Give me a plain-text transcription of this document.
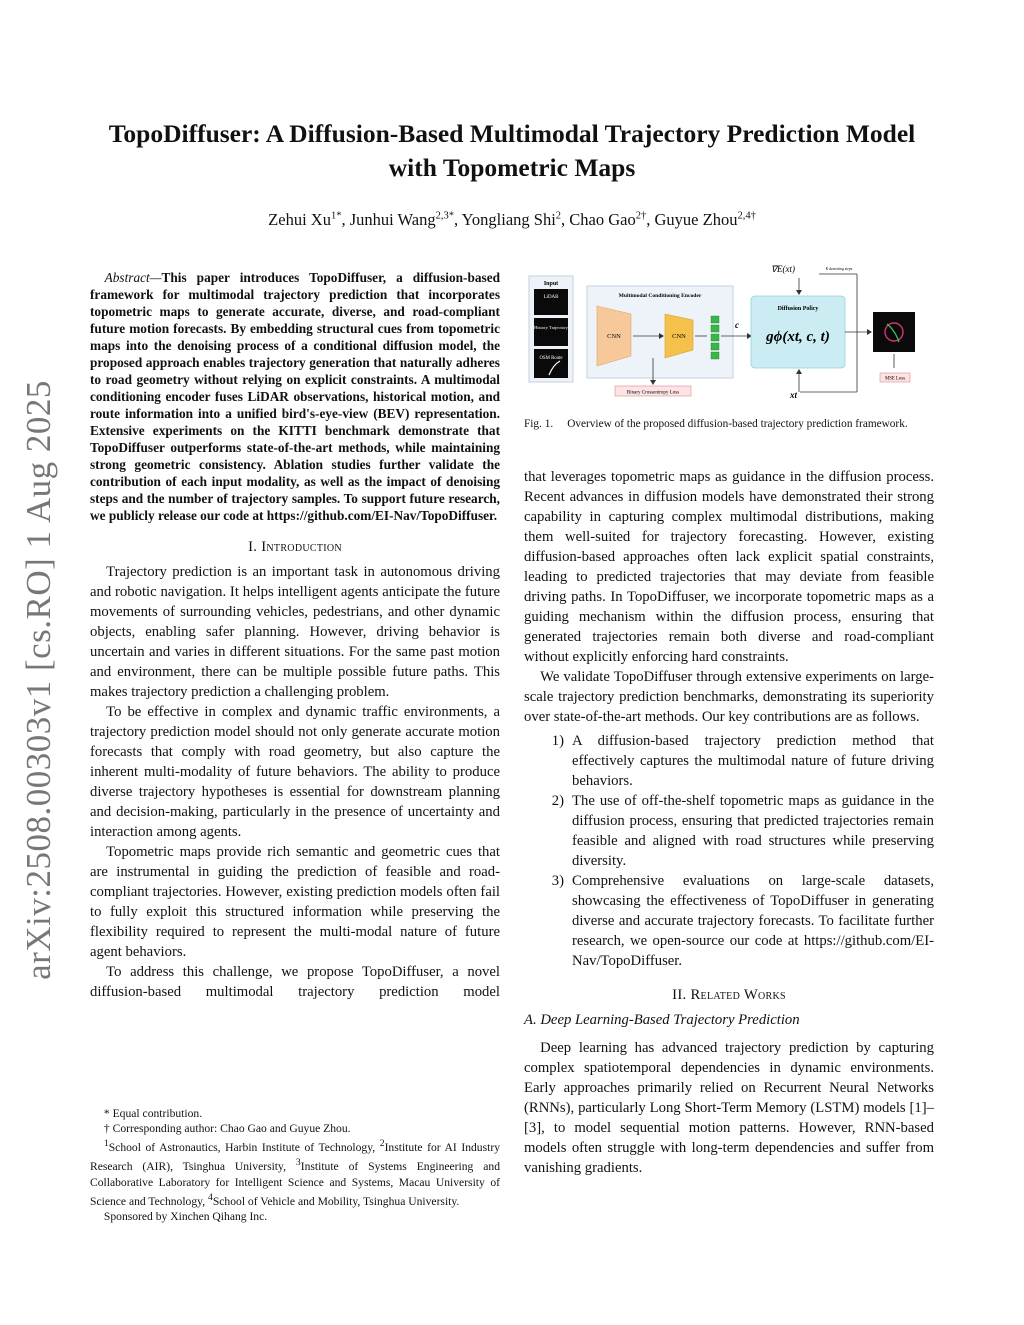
arXiv:2508.00303v1 [cs.RO] 1 Aug 2025
TopoDiffuser: A Diffusion-Based Multimodal Trajectory Prediction Model with Topometric Maps
Zehui $Xu^{1*}$, Junhui Wang$^{2,3*}$, Yongliang Shi$^2$, Chao Gao$^{2\dagger}$, Guyue Zhou$^{2,4\dagger}$

Abstract—This paper introduces TopoDiffuser, a diffusion-based framework for multimodal trajectory prediction that incorporates topometric maps to generate accurate, diverse, and road-compliant future motion forecasts. By embedding structural cues from topometric maps into the denoising process of a conditional diffusion model, the proposed approach enables trajectory generation that naturally adheres to road geometry without relying on explicit constraints. A multimodal conditioning encoder fuses LiDAR observations, historical motion, and route information into a unified bird's-eye-view (BEV) representation. Extensive experiments on the KITTI benchmark demonstrate that TopoDiffuser outperforms state-of-the-art methods, while maintaining strong geometric consistency. Ablation studies further validate the contribution of each input modality, as well as the impact of denoising steps and the number of trajectory samples. To support future research, we publicly release our code at https://github.com/EI-Nav/TopoDiffuser.

I. Introduction

Trajectory prediction is an important task in autonomous driving and robotic navigation. It helps intelligent agents anticipate the future movements of surrounding vehicles, pedestrians, and other dynamic objects, enabling safer planning. However, driving behavior is uncertain and varies in different situations. For the same past motion and environment, there can be multiple possible future paths. This makes trajectory prediction a challenging problem.

To be effective in complex and dynamic traffic environments, a trajectory prediction model should not only generate accurate motion forecasts that comply with road geometry, but also capture the inherent multi-modality of future behaviors. The ability to produce diverse trajectory hypotheses is essential for downstream planning and decision-making, particularly in the presence of uncertainty and interaction among agents.

Topometric maps provide rich semantic and geometric cues that are instrumental in guiding the prediction of feasible and road-compliant trajectories. However, existing prediction models often fail to fully exploit this structured information while preserving the flexibility required to represent the multi-modal nature of future agent behaviors.

To address this challenge, we propose TopoDiffuser, a novel diffusion-based multimodal trajectory prediction model

* Equal contribution.

† Corresponding author: Chao Gao and Guyue Zhou.

$^1$School of Astronautics, Harbin Institute of Technology, $^2$Institute for AI Industry Research (AIR), Tsinghua University, $^3$Institute of Systems Engineering and Collaborative Laboratory for Intelligent Science and Systems, Macau University of Science and Technology, $^4$School of Vehicle and Mobility, Tsinghua University.

Sponsored by Xinchen Qihang Inc.

Input
LiDAR
History Trajectory
OSM Route
Multimodal Conditioning Encoder
CNN	CNN
Binary Crossentropy Loss
c
Diffusion Policy
gϕ(xt, c, t)
∇E(xt)	K denoising steps
xt
MSE Loss
Fig. 1. Overview of the proposed diffusion-based trajectory prediction framework.

that leverages topometric maps as guidance in the diffusion process. Recent advances in diffusion models have demonstrated their strong capability in capturing complex multimodal distributions, making them well-suited for trajectory forecasting. However, existing diffusion-based approaches often lack explicit spatial constraints, leading to predicted trajectories that may deviate from feasible driving paths. In TopoDiffuser, we incorporate topometric maps as a guiding mechanism within the diffusion process, ensuring that generated trajectories remain both diverse and road-compliant without explicitly enforcing hard constraints.

We validate TopoDiffuser through extensive experiments on large-scale trajectory prediction benchmarks, demonstrating its superiority over state-of-the-art methods. Our key contributions are as follows.

1) A diffusion-based trajectory prediction method that effectively captures the multimodal nature of future driving behaviors.
2) The use of off-the-shelf topometric maps as guidance in the diffusion process, ensuring that predicted trajectories remain feasible and aligned with road structures while preserving diversity.
3) Comprehensive evaluations on large-scale datasets, showcasing the effectiveness of TopoDiffuser in generating diverse and accurate trajectory forecasts. To facilitate further research, we open-source our code at https://github.com/EI-Nav/TopoDiffuser.
II. Related Works
A. Deep Learning-Based Trajectory Prediction

Deep learning has advanced trajectory prediction by capturing complex spatiotemporal dependencies in dynamic environments. Early approaches primarily relied on Recurrent Neural Networks (RNNs), particularly Long Short-Term Memory (LSTM) models [1]–[3], to model sequential motion patterns. However, RNN-based models often struggle with long-term dependencies and suffer from vanishing gradients.
